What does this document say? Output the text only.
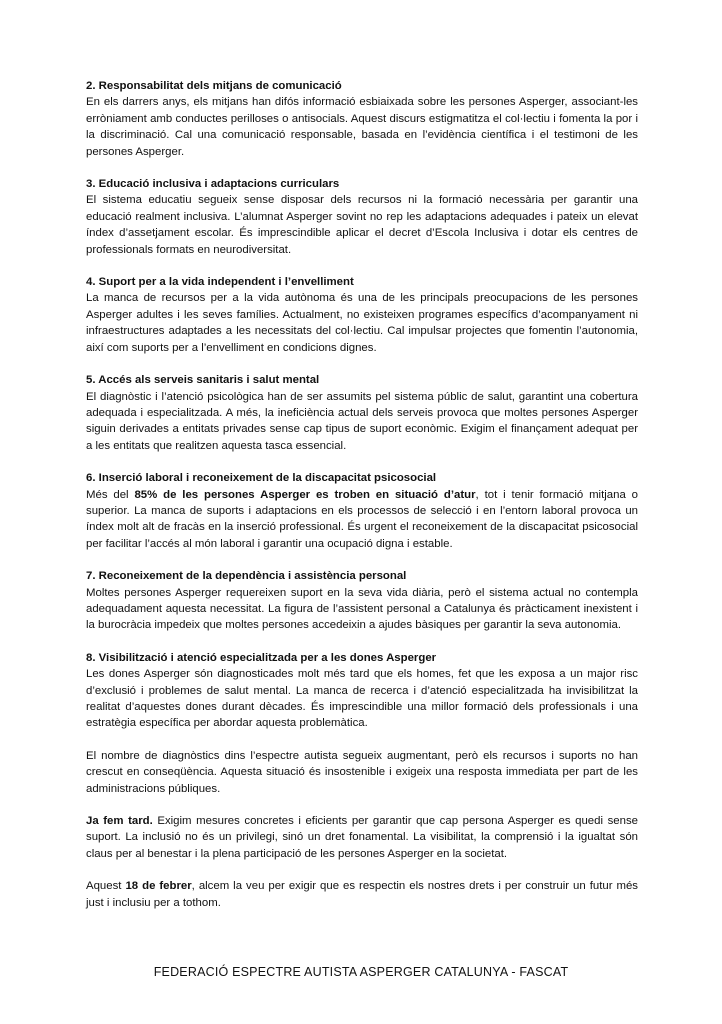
2. Responsabilitat dels mitjans de comunicació

En els darrers anys, els mitjans han difós informació esbiaixada sobre les persones Asperger, associant-les erròniament amb conductes perilloses o antisocials. Aquest discurs estigmatitza el col·lectiu i fomenta la por i la discriminació. Cal una comunicació responsable, basada en l’evidència científica i el testimoni de les persones Asperger.

3. Educació inclusiva i adaptacions curriculars

El sistema educatiu segueix sense disposar dels recursos ni la formació necessària per garantir una educació realment inclusiva. L’alumnat Asperger sovint no rep les adaptacions adequades i pateix un elevat índex d’assetjament escolar. És imprescindible aplicar el decret d’Escola Inclusiva i dotar els centres de professionals formats en neurodiversitat.

4. Suport per a la vida independent i l’envelliment

La manca de recursos per a la vida autònoma és una de les principals preocupacions de les persones Asperger adultes i les seves famílies. Actualment, no existeixen programes específics d’acompanyament ni infraestructures adaptades a les necessitats del col·lectiu. Cal impulsar projectes que fomentin l’autonomia, així com suports per a l’envelliment en condicions dignes.

5. Accés als serveis sanitaris i salut mental

El diagnòstic i l’atenció psicològica han de ser assumits pel sistema públic de salut, garantint una cobertura adequada i especialitzada. A més, la ineficiència actual dels serveis provoca que moltes persones Asperger siguin derivades a entitats privades sense cap tipus de suport econòmic. Exigim el finançament adequat per a les entitats que realitzen aquesta tasca essencial.

6. Inserció laboral i reconeixement de la discapacitat psicosocial

Més del 85% de les persones Asperger es troben en situació d’atur, tot i tenir formació mitjana o superior. La manca de suports i adaptacions en els processos de selecció i en l’entorn laboral provoca un índex molt alt de fracàs en la inserció professional. És urgent el reconeixement de la discapacitat psicosocial per facilitar l’accés al món laboral i garantir una ocupació digna i estable.

7. Reconeixement de la dependència i assistència personal

Moltes persones Asperger requereixen suport en la seva vida diària, però el sistema actual no contempla adequadament aquesta necessitat. La figura de l’assistent personal a Catalunya és pràcticament inexistent i la burocràcia impedeix que moltes persones accedeixin a ajudes bàsiques per garantir la seva autonomia.

8. Visibilització i atenció especialitzada per a les dones Asperger

Les dones Asperger són diagnosticades molt més tard que els homes, fet que les exposa a un major risc d’exclusió i problemes de salut mental. La manca de recerca i d’atenció especialitzada ha invisibilitzat la realitat d’aquestes dones durant dècades. És imprescindible una millor formació dels professionals i una estratègia específica per abordar aquesta problemàtica.

El nombre de diagnòstics dins l’espectre autista segueix augmentant, però els recursos i suports no han crescut en conseqüència. Aquesta situació és insostenible i exigeix una resposta immediata per part de les administracions públiques.

Ja fem tard. Exigim mesures concretes i eficients per garantir que cap persona Asperger es quedi sense suport. La inclusió no és un privilegi, sinó un dret fonamental. La visibilitat, la comprensió i la igualtat són claus per al benestar i la plena participació de les persones Asperger en la societat.

Aquest 18 de febrer, alcem la veu per exigir que es respectin els nostres drets i per construir un futur més just i inclusiu per a tothom.

FEDERACIÓ ESPECTRE AUTISTA ASPERGER CATALUNYA - FASCAT
